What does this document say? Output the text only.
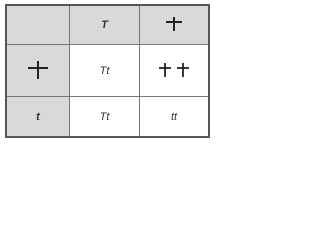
T
Tt
t	Tt	tt
